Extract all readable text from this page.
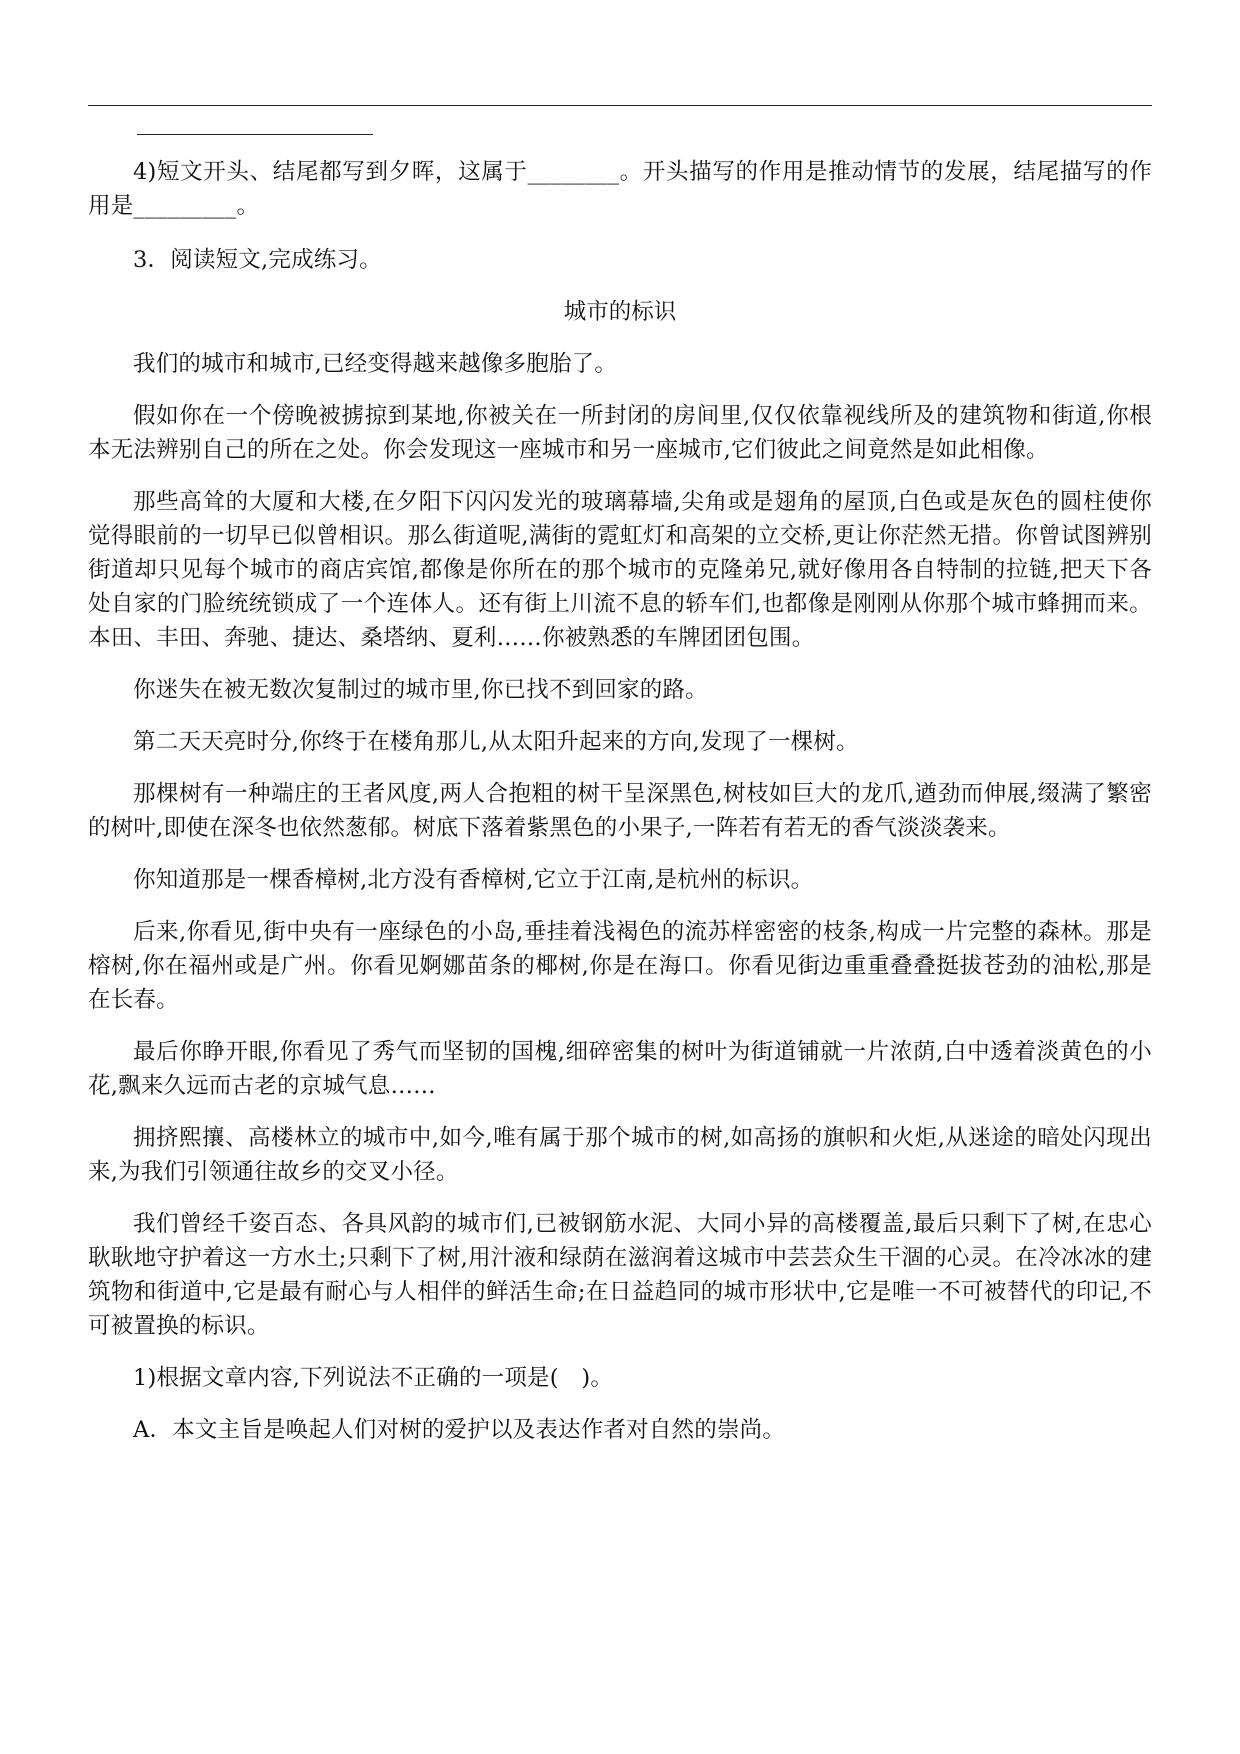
4)短文开头、结尾都写到夕晖，这属于________。开头描写的作用是推动情节的发展，结尾描写的作用是_________。

3．阅读短文,完成练习。

城市的标识

我们的城市和城市,已经变得越来越像多胞胎了。

假如你在一个傍晚被掳掠到某地,你被关在一所封闭的房间里,仅仅依靠视线所及的建筑物和街道,你根本无法辨别自己的所在之处。你会发现这一座城市和另一座城市,它们彼此之间竟然是如此相像。

那些高耸的大厦和大楼,在夕阳下闪闪发光的玻璃幕墙,尖角或是翅角的屋顶,白色或是灰色的圆柱使你觉得眼前的一切早已似曾相识。那么街道呢,满街的霓虹灯和高架的立交桥,更让你茫然无措。你曾试图辨别街道却只见每个城市的商店宾馆,都像是你所在的那个城市的克隆弟兄,就好像用各自特制的拉链,把天下各处自家的门脸统统锁成了一个连体人。还有街上川流不息的轿车们,也都像是刚刚从你那个城市蜂拥而来。本田、丰田、奔驰、捷达、桑塔纳、夏利……你被熟悉的车牌团团包围。

你迷失在被无数次复制过的城市里,你已找不到回家的路。

第二天天亮时分,你终于在楼角那儿,从太阳升起来的方向,发现了一棵树。

那棵树有一种端庄的王者风度,两人合抱粗的树干呈深黑色,树枝如巨大的龙爪,遒劲而伸展,缀满了繁密的树叶,即使在深冬也依然葱郁。树底下落着紫黑色的小果子,一阵若有若无的香气淡淡袭来。

你知道那是一棵香樟树,北方没有香樟树,它立于江南,是杭州的标识。

后来,你看见,街中央有一座绿色的小岛,垂挂着浅褐色的流苏样密密的枝条,构成一片完整的森林。那是榕树,你在福州或是广州。你看见婀娜苗条的椰树,你是在海口。你看见街边重重叠叠挺拔苍劲的油松,那是在长春。

最后你睁开眼,你看见了秀气而坚韧的国槐,细碎密集的树叶为街道铺就一片浓荫,白中透着淡黄色的小花,飘来久远而古老的京城气息……

拥挤熙攘、高楼林立的城市中,如今,唯有属于那个城市的树,如高扬的旗帜和火炬,从迷途的暗处闪现出来,为我们引领通往故乡的交叉小径。

我们曾经千姿百态、各具风韵的城市们,已被钢筋水泥、大同小异的高楼覆盖,最后只剩下了树,在忠心耿耿地守护着这一方水土;只剩下了树,用汁液和绿荫在滋润着这城市中芸芸众生干涸的心灵。在冷冰冰的建筑物和街道中,它是最有耐心与人相伴的鲜活生命;在日益趋同的城市形状中,它是唯一不可被替代的印记,不可被置换的标识。

1)根据文章内容,下列说法不正确的一项是(　)。

A．本文主旨是唤起人们对树的爱护以及表达作者对自然的崇尚。
